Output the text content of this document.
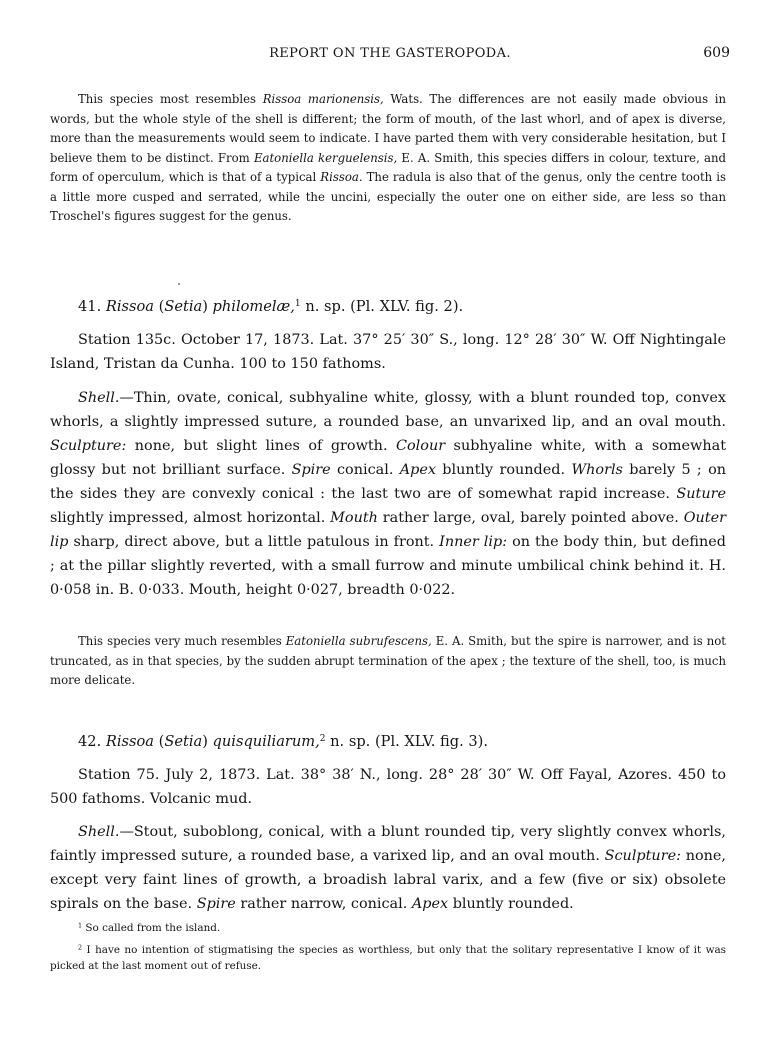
REPORT ON THE GASTEROPODA.	609

This species most resembles Rissoa marionensis, Wats. The differences are not easily made obvious in words, but the whole style of the shell is different; the form of mouth, of the last whorl, and of apex is diverse, more than the measurements would seem to indicate. I have parted them with very considerable hesitation, but I believe them to be distinct. From Eatoniella kerguelensis, E. A. Smith, this species differs in colour, texture, and form of operculum, which is that of a typical Rissoa. The radula is also that of the genus, only the centre tooth is a little more cusped and serrated, while the uncini, especially the outer one on either side, are less so than Troschel's figures suggest for the genus.

41. Rissoa (Setia) philomelæ,$^1$ n. sp. (Pl. XLV. fig. 2).

Station 135c. October 17, 1873. Lat. 37° 25′ 30″ S., long. 12° 28′ 30″ W. Off Nightingale Island, Tristan da Cunha. 100 to 150 fathoms.

Shell.—Thin, ovate, conical, subhyaline white, glossy, with a blunt rounded top, convex whorls, a slightly impressed suture, a rounded base, an unvarixed lip, and an oval mouth. Sculpture: none, but slight lines of growth. Colour subhyaline white, with a somewhat glossy but not brilliant surface. Spire conical. Apex bluntly rounded. Whorls barely 5 ; on the sides they are convexly conical : the last two are of somewhat rapid increase. Suture slightly impressed, almost horizontal. Mouth rather large, oval, barely pointed above. Outer lip sharp, direct above, but a little patulous in front. Inner lip: on the body thin, but defined ; at the pillar slightly reverted, with a small furrow and minute umbilical chink behind it. H. 0·058 in. B. 0·033. Mouth, height 0·027, breadth 0·022.

This species very much resembles Eatoniella subrufescens, E. A. Smith, but the spire is narrower, and is not truncated, as in that species, by the sudden abrupt termination of the apex ; the texture of the shell, too, is much more delicate.

42. Rissoa (Setia) quisquiliarum,$^2$ n. sp. (Pl. XLV. fig. 3).

Station 75. July 2, 1873. Lat. 38° 38′ N., long. 28° 28′ 30″ W. Off Fayal, Azores. 450 to 500 fathoms. Volcanic mud.

Shell.—Stout, suboblong, conical, with a blunt rounded tip, very slightly convex whorls, faintly impressed suture, a rounded base, a varixed lip, and an oval mouth. Sculpture: none, except very faint lines of growth, a broadish labral varix, and a few (five or six) obsolete spirals on the base. Spire rather narrow, conical. Apex bluntly rounded.

$^1$ So called from the island.

$^2$ I have no intention of stigmatising the species as worthless, but only that the solitary representative I know of it was picked at the last moment out of refuse.
